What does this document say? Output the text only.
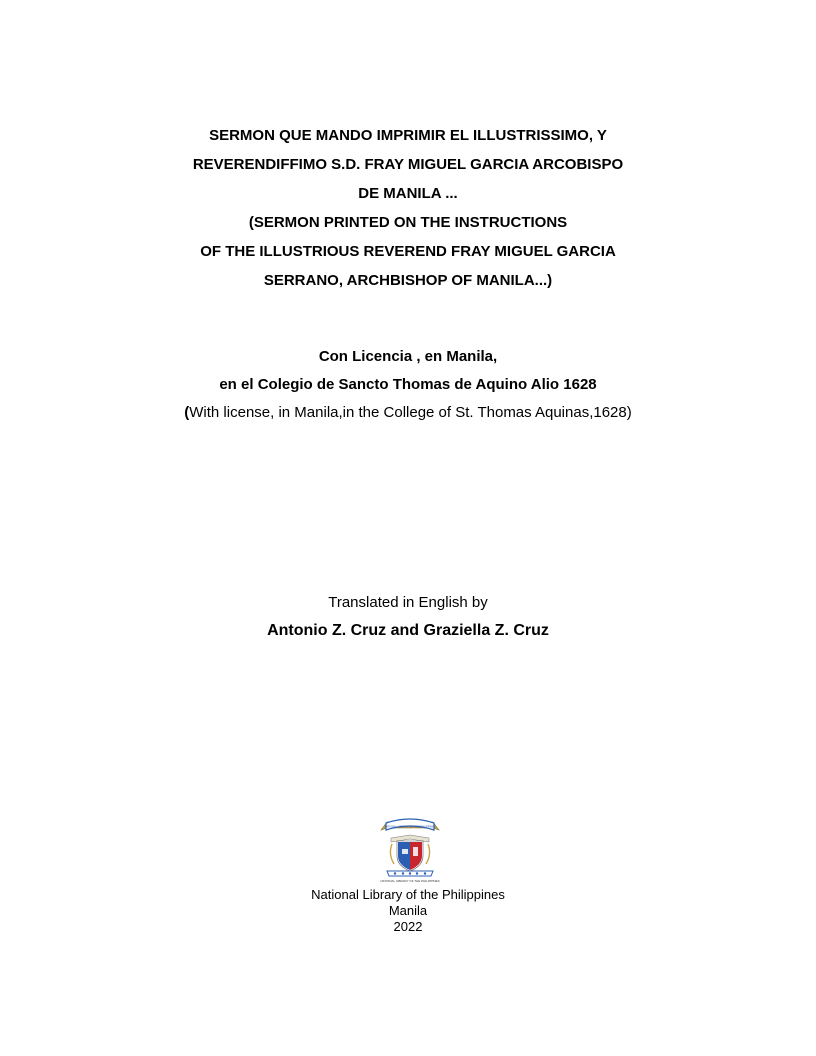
SERMON QUE MANDO IMPRIMIR EL ILLUSTRISSIMO, Y
REVERENDIFFIMO S.D. FRAY MIGUEL GARCIA ARCOBISPO
DE MANILA ...
(SERMON PRINTED ON THE INSTRUCTIONS
OF THE ILLUSTRIOUS REVEREND FRAY MIGUEL GARCIA
SERRANO, ARCHBISHOP OF MANILA...)
Con Licencia , en Manila,
en el Colegio de Sancto Thomas de Aquino Alio 1628
(With license, in Manila,in the College of St. Thomas Aquinas,1628)
Translated in English by
Antonio Z. Cruz and Graziella Z. Cruz
NATIONAL LIBRARY OF THE PHILIPPINES
NATIONAL LIBRARY OF THE PHILIPPINES
National Library of the Philippines
Manila
2022
